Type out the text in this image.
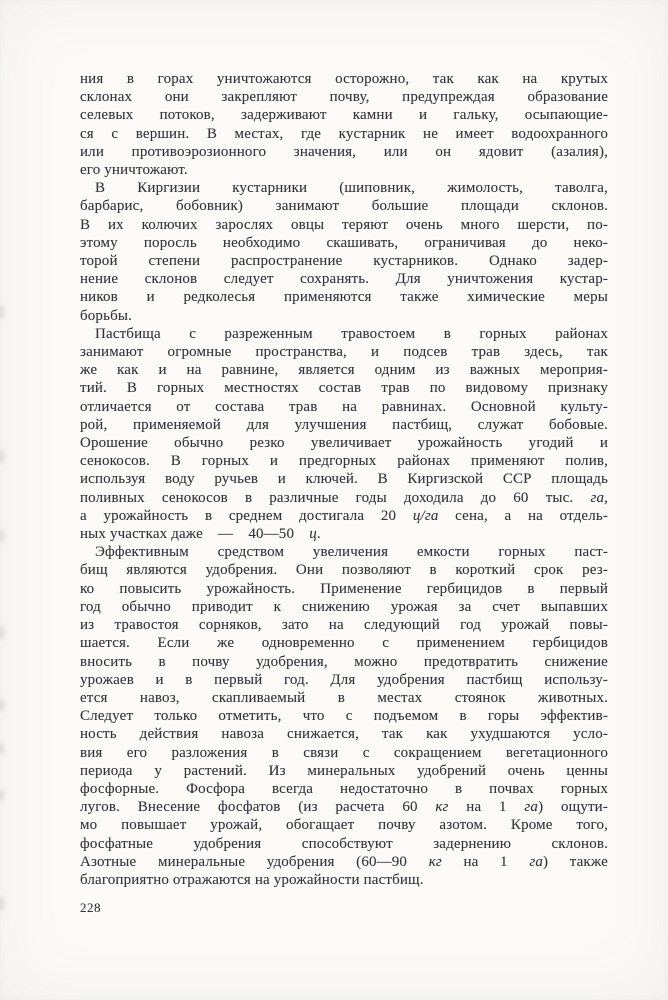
ния в горах уничтожаются осторожно, так как на крутых
склонах они закрепляют почву, предупреждая образование
селевых потоков, задерживают камни и гальку, осыпающие-
ся с вершин. В местах, где кустарник не имеет водоохранного
или противоэрозионного значения, или он ядовит (азалия),
его уничтожают.
В Киргизии кустарники (шиповник, жимолость, таволга,
барбарис, бобовник) занимают большие площади склонов.
В их колючих зарослях овцы теряют очень много шерсти, по-
этому поросль необходимо скашивать, ограничивая до неко-
торой степени распространение кустарников. Однако задер-
нение склонов следует сохранять. Для уничтожения кустар-
ников и редколесья применяются также химические меры
борьбы.
Пастбища с разреженным травостоем в горных районах
занимают огромные пространства, и подсев трав здесь, так
же как и на равнине, является одним из важных мероприя-
тий. В горных местностях состав трав по видовому признаку
отличается от состава трав на равнинах. Основной культу-
рой, применяемой для улучшения пастбищ, служат бобовые.
Орошение обычно резко увеличивает урожайность угодий и
сенокосов. В горных и предгорных районах применяют полив,
используя воду ручьев и ключей. В Киргизской ССР площадь
поливных сенокосов в различные годы доходила до 60 тыс. га,
а урожайность в среднем достигала 20 ц/га сена, а на отдель-
ных участках даже — 40—50 ц.
Эффективным средством увеличения емкости горных паст-
бищ являются удобрения. Они позволяют в короткий срок рез-
ко повысить урожайность. Применение гербицидов в первый
год обычно приводит к снижению урожая за счет выпавших
из травостоя сорняков, зато на следующий год урожай повы-
шается. Если же одновременно с применением гербицидов
вносить в почву удобрения, можно предотвратить снижение
урожаев и в первый год. Для удобрения пастбищ использу-
ется навоз, скапливаемый в местах стоянок животных.
Следует только отметить, что с подъемом в горы эффектив-
ность действия навоза снижается, так как ухудшаются усло-
вия его разложения в связи с сокращением вегетационного
периода у растений. Из минеральных удобрений очень ценны
фосфорные. Фосфора всегда недостаточно в почвах горных
лугов. Внесение фосфатов (из расчета 60 кг на 1 га) ощути-
мо повышает урожай, обогащает почву азотом. Кроме того,
фосфатные удобрения способствуют задернению склонов.
Азотные минеральные удобрения (60—90 кг на 1 га) также
благоприятно отражаются на урожайности пастбищ.
228
